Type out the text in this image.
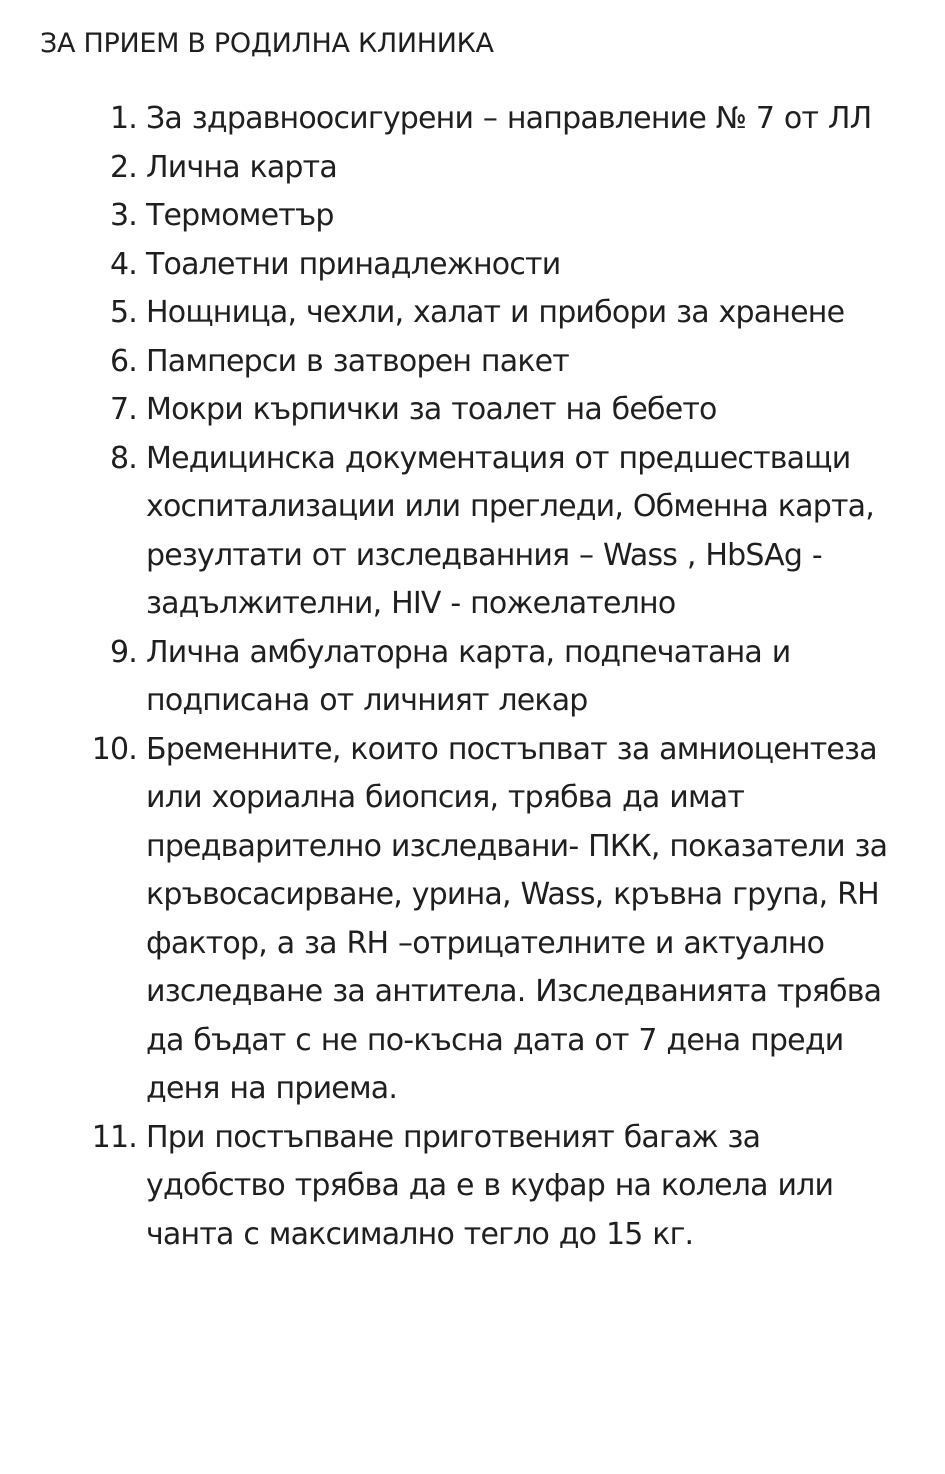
ЗА ПРИЕМ В РОДИЛНА КЛИНИКА
1. За здравноосигурени – направление № 7 от ЛЛ
2. Лична карта
3. Термометър
4. Тоалетни принадлежности
5. Нощница, чехли, халат и прибори за хранене
6. Памперси в затворен пакет
7. Мокри кърпички за тоалет на бебето
8. Медицинска документация от предшестващи хоспитализации или прегледи, Обменна карта, резултати от изследванния – Wass , HbSAg - задължителни, HIV - пожелателно
9. Лична амбулаторна карта, подпечатана и подписана от личният лекар
10. Бременните, които постъпват за амниоцентеза или хориална биопсия, трябва да имат предварително изследвани- ПКК, показатели за кръвосасирване, урина, Wass, кръвна група, RH фактор, а за RH –отрицателните и актуално изследване за антитела. Изследванията трябва да бъдат с не по-късна дата от 7 дена преди деня на приема.
11. При постъпване приготвеният багаж за удобство трябва да е в куфар на колела или чанта с максимално тегло до 15 кг.
